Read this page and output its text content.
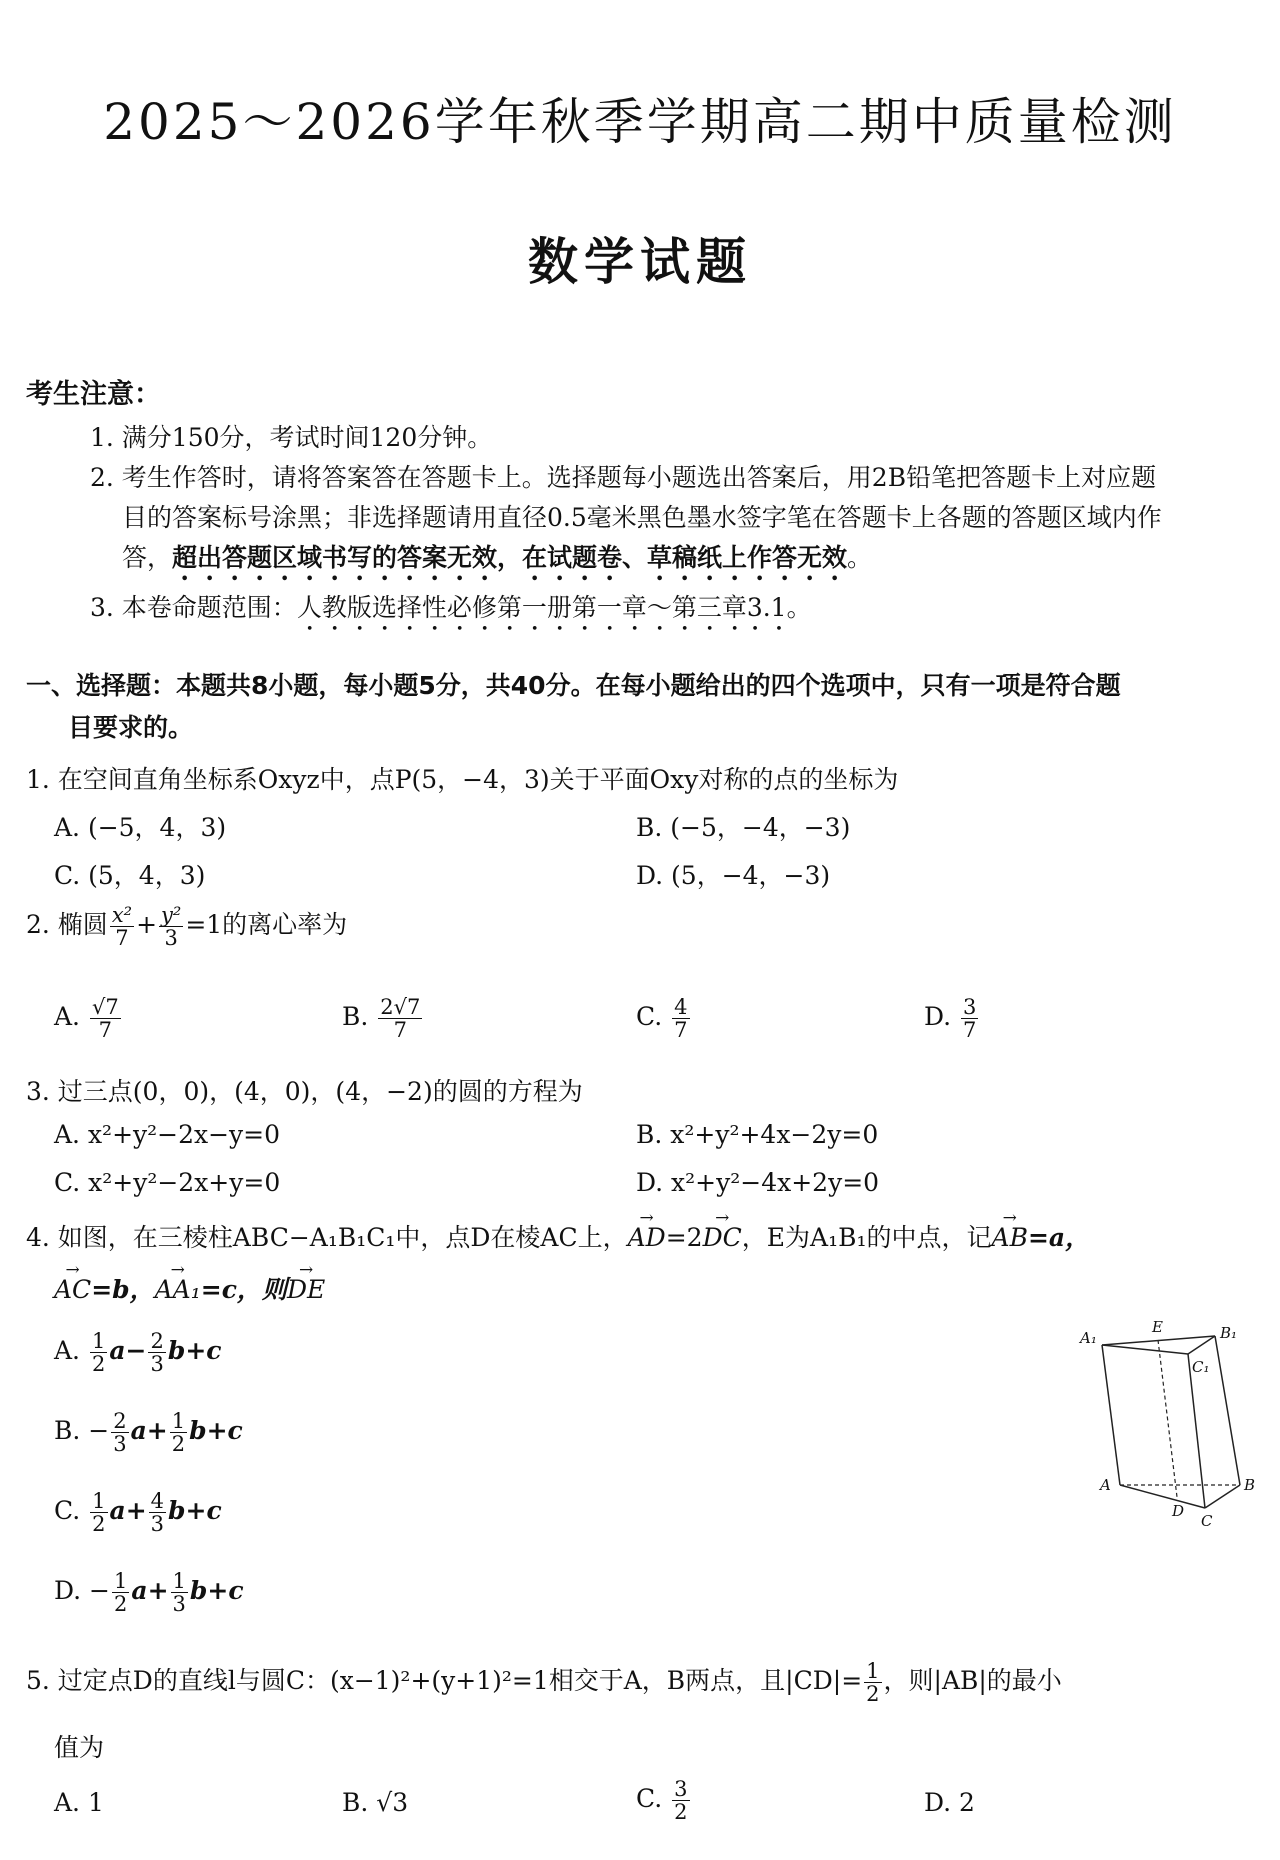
2025～2026学年秋季学期高二期中质量检测
数学试题
考生注意：
1. 满分150分，考试时间120分钟。
2. 考生作答时，请将答案答在答题卡上。选择题每小题选出答案后，用2B铅笔把答题卡上对应题
目的答案标号涂黑；非选择题请用直径0.5毫米黑色墨水签字笔在答题卡上各题的答题区域内作
答，超出答题区域书写的答案无效，在试题卷、草稿纸上作答无效。
3. 本卷命题范围：人教版选择性必修第一册第一章～第三章3.1。
一、选择题：本题共8小题，每小题5分，共40分。在每小题给出的四个选项中，只有一项是符合题
目要求的。
1. 在空间直角坐标系Oxyz中，点P(5，−4，3)关于平面Oxy对称的点的坐标为
A. (−5，4，3)	B. (−5，−4，−3)
C. (5，4，3)	D. (5，−4，−3)
2. 椭圆 $\frac{\text{x²}}{7} + \frac{\text{y²}}{3} =1$的离心率为
A. $\frac{√7}{7}$	B. $\frac{2√7}{7}$	C. $\frac{4}{7}$	D. $\frac{3}{7}$
3. 过三点(0，0)，(4，0)，(4，−2)的圆的方程为
A. x²+y²−2x−y=0	B. x²+y²+4x−2y=0
C. x²+y²−2x+y=0	D. x²+y²−4x+2y=0
4. 如图，在三棱柱ABC−A₁B₁C₁中，点D在棱AC上，→ AD=2→ DC，E为A₁B₁的中点，记→ AB=a，
→ AC=b，→ AA₁=c，则→ DE
A. $\frac{1}{2} a- \frac{2}{3} b+c$
B. − $\frac{2}{3} a+ \frac{1}{2} b+c$
C. $\frac{1}{2} a+ \frac{4}{3} b+c$
D. − $\frac{1}{2} a+ \frac{1}{3} b+c$
A₁
E	B₁
C₁
A	B
C
D
5. 过定点D的直线l与圆C：(x−1)²+(y+1)²=1相交于A，B两点，且$|CD|= \frac{1}{2}$ ，则|AB|的最小
值为
A. 1	B. √3	C. $\frac{3}{2}$	D. 2
